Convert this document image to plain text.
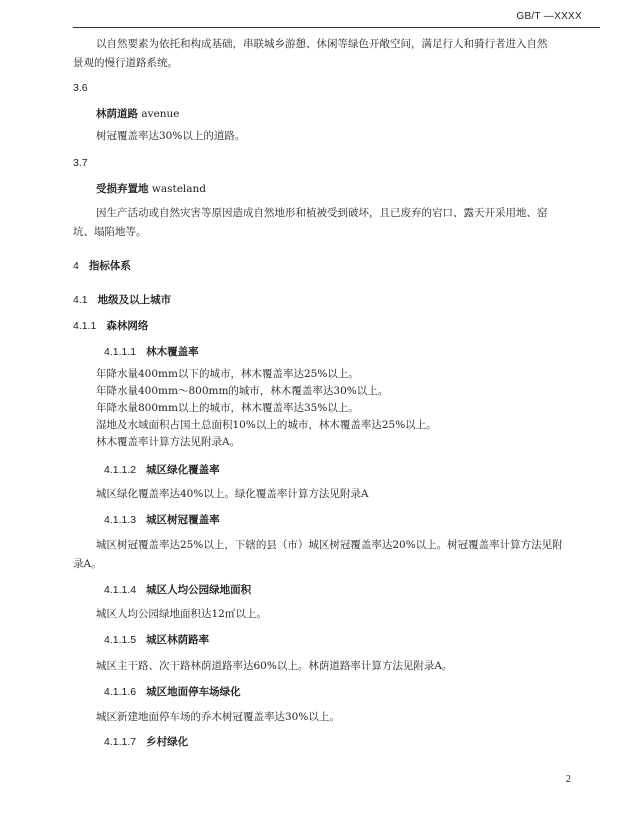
GB/T —XXXX
以自然要素为依托和构成基础，串联城乡游憩、休闲等绿色开敞空间，满足行人和骑行者进入自然
景观的慢行道路系统。
3.6
林荫道路 avenue
树冠覆盖率达30%以上的道路。
3.7
受损弃置地 wasteland
因生产活动或自然灾害等原因造成自然地形和植被受到破坏，且已废弃的宕口、露天开采用地、窑
坑、塌陷地等。
4 指标体系
4.1 地级及以上城市
4.1.1 森林网络
4.1.1.1 林木覆盖率
年降水量400mm以下的城市，林木覆盖率达25%以上。
年降水量400mm～800mm的城市，林木覆盖率达30%以上。
年降水量800mm以上的城市，林木覆盖率达35%以上。
湿地及水域面积占国土总面积10%以上的城市，林木覆盖率达25%以上。
林木覆盖率计算方法见附录A。
4.1.1.2 城区绿化覆盖率
城区绿化覆盖率达40%以上。绿化覆盖率计算方法见附录A
4.1.1.3 城区树冠覆盖率
城区树冠覆盖率达25%以上，下辖的县（市）城区树冠覆盖率达20%以上。树冠覆盖率计算方法见附
录A。
4.1.1.4 城区人均公园绿地面积
城区人均公园绿地面积达12㎡以上。
4.1.1.5 城区林荫路率
城区主干路、次干路林荫道路率达60%以上。林荫道路率计算方法见附录A。
4.1.1.6 城区地面停车场绿化
城区新建地面停车场的乔木树冠覆盖率达30%以上。
4.1.1.7 乡村绿化
2
